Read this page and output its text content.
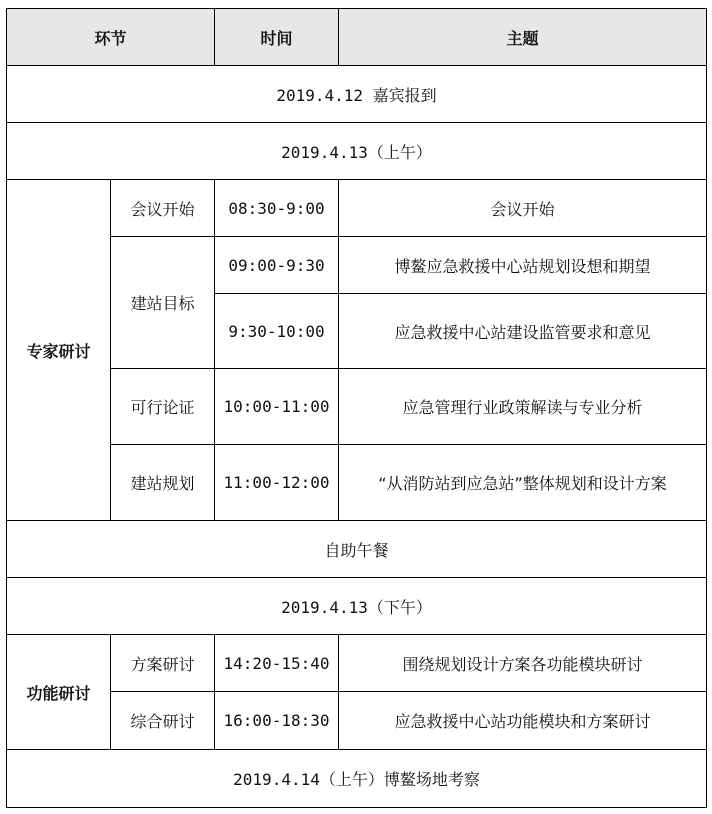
环节		时间	主题
2019.4.12 嘉宾报到			
2019.4.13（上午）			
专家研讨	会议开始	08:30-9:00	会议开始
	建站目标	09:00-9:30	博鳌应急救援中心站规划设想和期望
		9:30-10:00	应急救援中心站建设监管要求和意见
	可行论证	10:00-11:00	应急管理行业政策解读与专业分析
	建站规划	11:00-12:00	“从消防站到应急站”整体规划和设计方案
自助午餐			
2019.4.13（下午）			
功能研讨	方案研讨	14:20-15:40	围绕规划设计方案各功能模块研讨
	综合研讨	16:00-18:30	应急救援中心站功能模块和方案研讨
2019.4.14（上午）博鳌场地考察			
